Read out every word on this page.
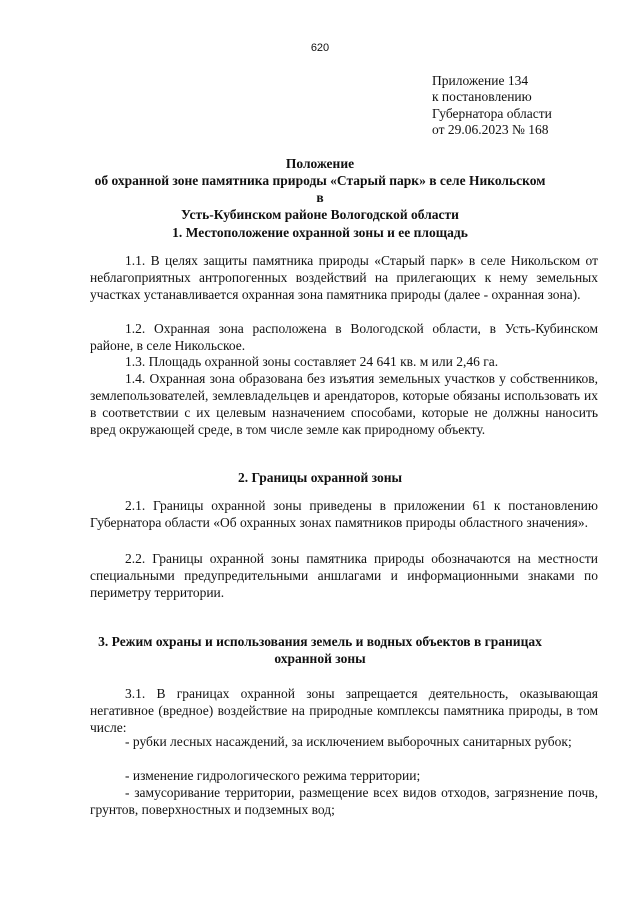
620
Приложение 134
к постановлению
Губернатора области
от 29.06.2023 № 168
Положение
об охранной зоне памятника природы «Старый парк» в селе Никольском в
Усть-Кубинском районе Вологодской области
1. Местоположение охранной зоны и ее площадь
1.1. В целях защиты памятника природы «Старый парк» в селе Никольском от неблагоприятных антропогенных воздействий на прилегающих к нему земельных участках устанавливается охранная зона памятника природы (далее - охранная зона).
1.2. Охранная зона расположена в Вологодской области, в Усть-Кубинском районе, в селе Никольское.
1.3. Площадь охранной зоны составляет 24 641 кв. м или 2,46 га.
1.4. Охранная зона образована без изъятия земельных участков у собственников, землепользователей, землевладельцев и арендаторов, которые обязаны использовать их в соответствии с их целевым назначением способами, которые не должны наносить вред окружающей среде, в том числе земле как природному объекту.
2. Границы охранной зоны
2.1. Границы охранной зоны приведены в приложении 61 к постановлению Губернатора области «Об охранных зонах памятников природы областного значения».
2.2. Границы охранной зоны памятника природы обозначаются на местности специальными предупредительными аншлагами и информационными знаками по периметру территории.
3. Режим охраны и использования земель и водных объектов в границах
охранной зоны
3.1. В границах охранной зоны запрещается деятельность, оказывающая негативное (вредное) воздействие на природные комплексы памятника природы, в том числе:
- рубки лесных насаждений, за исключением выборочных санитарных рубок;
- изменение гидрологического режима территории;
- замусоривание территории, размещение всех видов отходов, загрязнение почв, грунтов, поверхностных и подземных вод;
